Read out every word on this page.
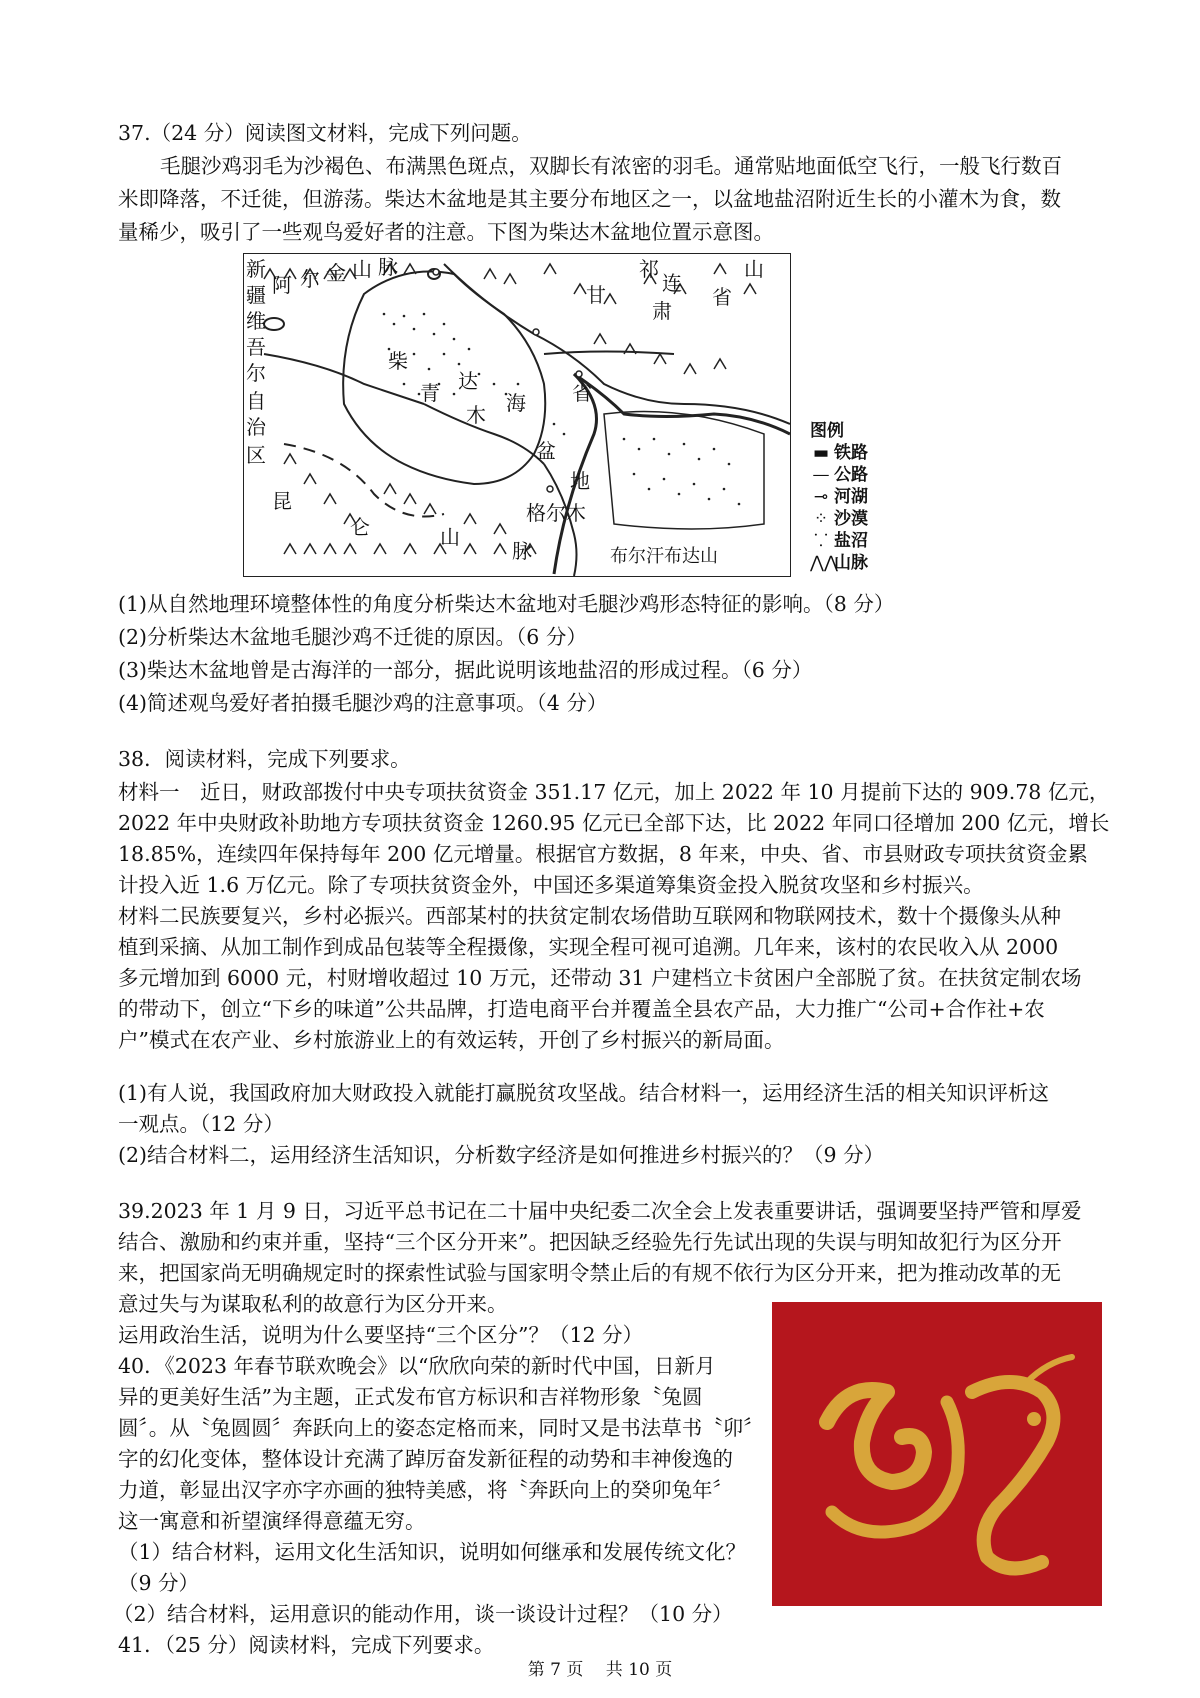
37.（24 分）阅读图文材料，完成下列问题。
毛腿沙鸡羽毛为沙褐色、布满黑色斑点，双脚长有浓密的羽毛。通常贴地面低空飞行，一般飞行数百
米即降落，不迁徙，但游荡。柴达木盆地是其主要分布地区之一，以盆地盐沼附近生长的小灌木为食，数
量稀少，吸引了一些观鸟爱好者的注意。下图为柴达木盆地位置示意图。
新
疆
维
吾
尔
自
治
区
阿 尔 金 山 脉	祁
连
山
甘
肃
省
柴
达
青
木 海 省
盆
地
格尔木
昆
仑	山
脉	布尔汗布达山
图例
▬ 铁路
— 公路
⊸ 河湖
⁘ 沙漠
⸪ 盐沼
⋀⋀
山脉
(1)从自然地理环境整体性的角度分析柴达木盆地对毛腿沙鸡形态特征的影响。（8 分）
(2)分析柴达木盆地毛腿沙鸡不迁徙的原因。（6 分）
(3)柴达木盆地曾是古海洋的一部分，据此说明该地盐沼的形成过程。（6 分）
(4)简述观鸟爱好者拍摄毛腿沙鸡的注意事项。（4 分）
38．阅读材料，完成下列要求。
材料一　近日，财政部拨付中央专项扶贫资金 351.17 亿元，加上 2022 年 10 月提前下达的 909.78 亿元，
2022 年中央财政补助地方专项扶贫资金 1260.95 亿元已全部下达，比 2022 年同口径增加 200 亿元，增长
18.85%，连续四年保持每年 200 亿元增量。根据官方数据，8 年来，中央、省、市县财政专项扶贫资金累
计投入近 1.6 万亿元。除了专项扶贫资金外，中国还多渠道筹集资金投入脱贫攻坚和乡村振兴。
材料二民族要复兴，乡村必振兴。西部某村的扶贫定制农场借助互联网和物联网技术，数十个摄像头从种
植到采摘、从加工制作到成品包装等全程摄像，实现全程可视可追溯。几年来，该村的农民收入从 2000
多元增加到 6000 元，村财增收超过 10 万元，还带动 31 户建档立卡贫困户全部脱了贫。在扶贫定制农场
的带动下，创立“下乡的味道”公共品牌，打造电商平台并覆盖全县农产品，大力推广“公司+合作社+农
户”模式在农产业、乡村旅游业上的有效运转，开创了乡村振兴的新局面。
(1)有人说，我国政府加大财政投入就能打赢脱贫攻坚战。结合材料一，运用经济生活的相关知识评析这
一观点。（12 分）
(2)结合材料二，运用经济生活知识，分析数字经济是如何推进乡村振兴的？（9 分）
39.2023 年 1 月 9 日，习近平总书记在二十届中央纪委二次全会上发表重要讲话，强调要坚持严管和厚爱
结合、激励和约束并重，坚持“三个区分开来”。把因缺乏经验先行先试出现的失误与明知故犯行为区分开
来，把国家尚无明确规定时的探索性试验与国家明令禁止后的有规不依行为区分开来，把为推动改革的无
意过失与为谋取私利的故意行为区分开来。
运用政治生活，说明为什么要坚持“三个区分”？（12 分）
40．《2023 年春节联欢晚会》以“欣欣向荣的新时代中国，日新月
异的更美好生活”为主题，正式发布官方标识和吉祥物形象〝兔圆
圆〞。从〝兔圆圆〞奔跃向上的姿态定格而来，同时又是书法草书〝卯〞
字的幻化变体，整体设计充满了踔厉奋发新征程的动势和丰神俊逸的
力道，彰显出汉字亦字亦画的独特美感，将〝奔跃向上的癸卯兔年〞
这一寓意和祈望演绎得意蕴无穷。
（1）结合材料，运用文化生活知识，说明如何继承和发展传统文化？
（9 分）
（2）结合材料，运用意识的能动作用，谈一谈设计过程？（10 分）
41．（25 分）阅读材料，完成下列要求。
第 7 页　 共 10 页
